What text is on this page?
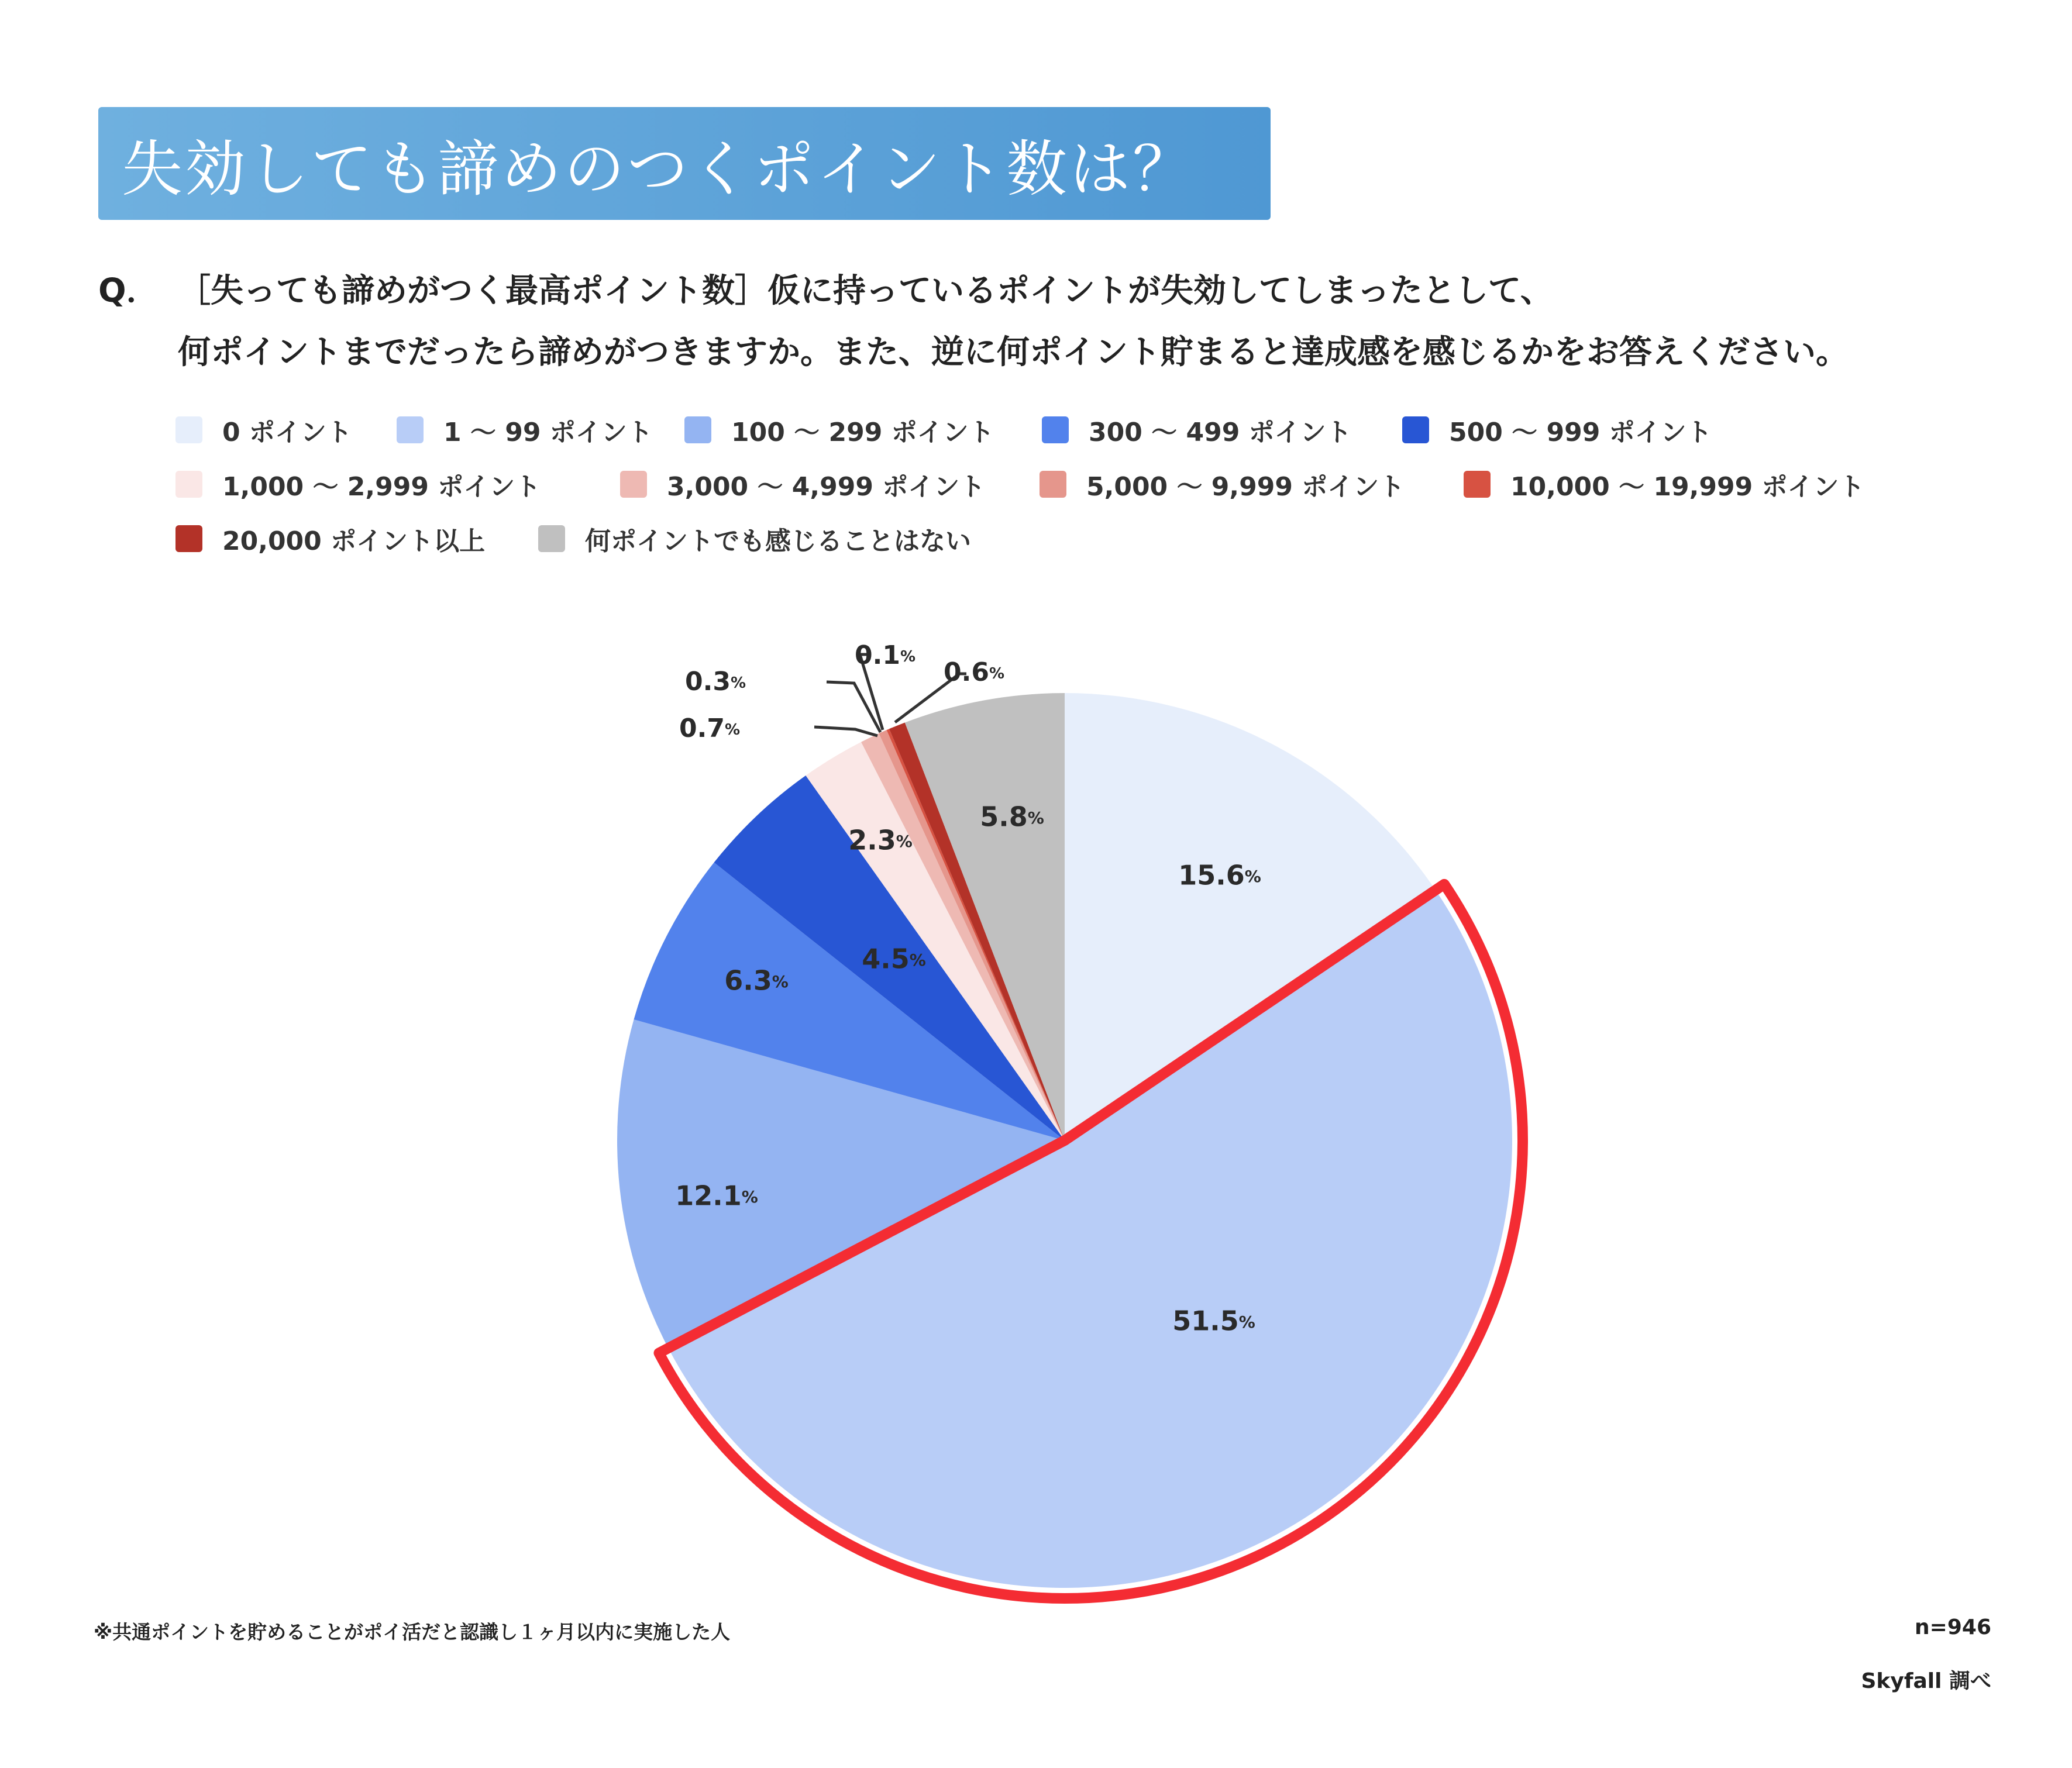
失効しても諦めのつくポイント数は？
Q． ［失っても諦めがつく最高ポイント数］仮に持っているポイントが失効してしまったとして、
何ポイントまでだったら諦めがつきますか。また、逆に何ポイント貯まると達成感を感じるかをお答えください。
0 ポイント	1 ～ 99 ポイント	100 ～ 299 ポイント	300 ～ 499 ポイント	500 ～ 999 ポイント
1,000 ～ 2,999 ポイント	3,000 ～ 4,999 ポイント	5,000 ～ 9,999 ポイント	10,000 ～ 19,999 ポイント
20,000 ポイント以上	何ポイントでも感じることはない
15.6%
51.5%
12.1%
6.3%
4.5%
2.3%
0.7%
0.3%
0.1%
0.6%
5.8%
※共通ポイントを貯めることがポイ活だと認識し１ヶ月以内に実施した人	n=946
Skyfall 調べ
